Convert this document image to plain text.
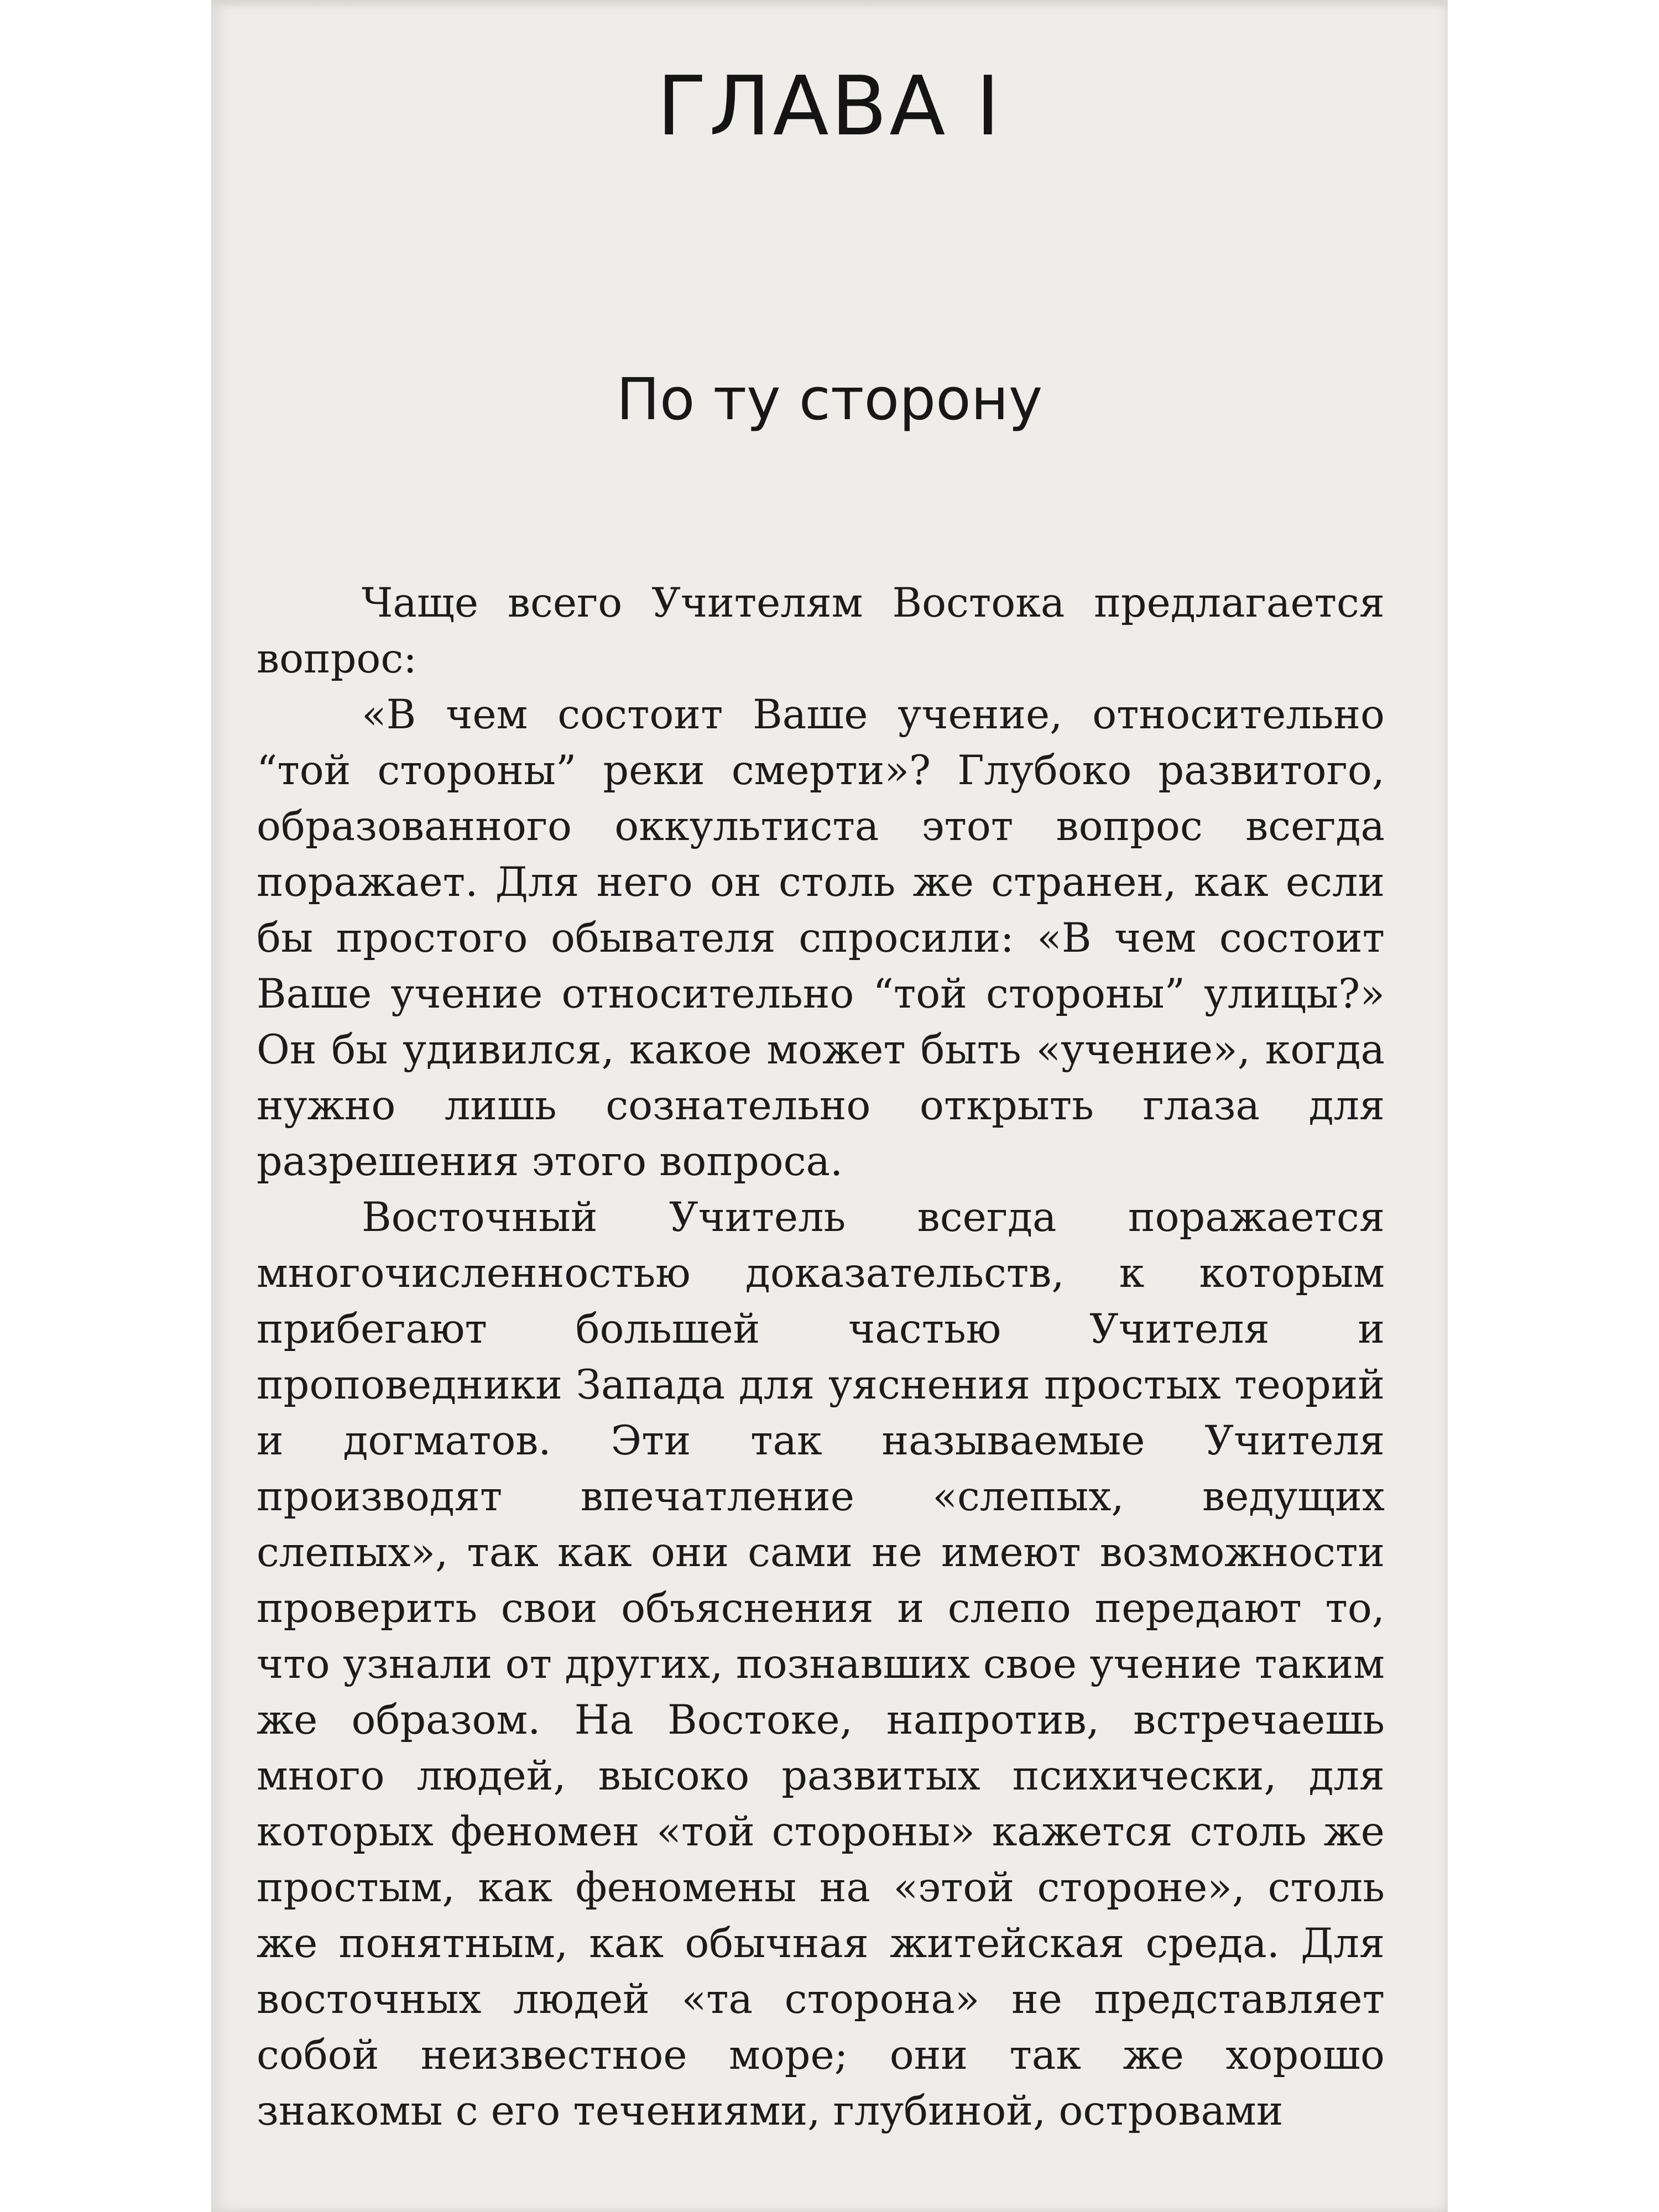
ГЛАВА I
По ту сторону

Чаще всего Учителям Востока предлагается вопрос:

«В чем состоит Ваше учение, относительно “той стороны” реки смерти»? Глубоко развитого, образованного оккультиста этот вопрос всегда поражает. Для него он столь же странен, как если бы простого обывателя спросили: «В чем состоит Ваше учение относительно “той стороны” улицы?» Он бы удивился, какое может быть «учение», когда нужно лишь сознательно открыть глаза для разрешения этого вопроса.

Восточный Учитель всегда поражается многочисленностью доказательств, к которым прибегают большей частью Учителя и проповедники Запада для уяснения простых теорий и догматов. Эти так называемые Учителя производят впечатление «слепых, ведущих слепых», так как они сами не имеют возможности проверить свои объяснения и слепо передают то, что узнали от других, познавших свое учение таким же образом. На Востоке, напротив, встречаешь много людей, высоко развитых психически, для которых феномен «той стороны» кажется столь же простым, как феномены на «этой стороне», столь же понятным, как обычная житейская среда. Для восточных людей «та сторона» не представляет собой неизвестное море; они так же хорошо знакомы с его течениями, глубиной, островами
